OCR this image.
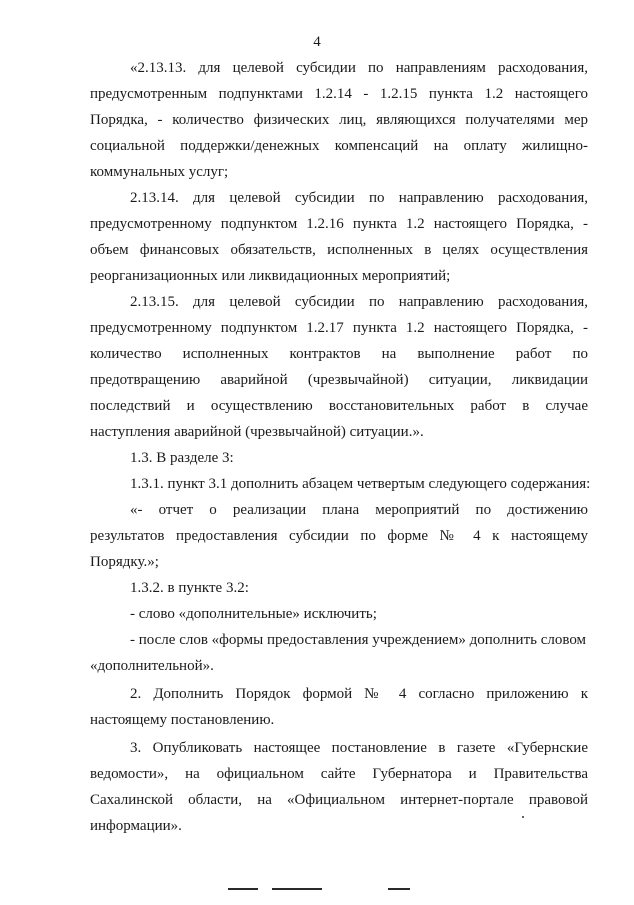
4
«2.13.13. для целевой субсидии по направлениям расходования,
предусмотренным подпунктами 1.2.14 - 1.2.15 пункта 1.2 настоящего
Порядка, - количество физических лиц, являющихся получателями мер
социальной поддержки/денежных компенсаций на оплату жилищно-
коммунальных услуг;
2.13.14. для целевой субсидии по направлению расходования,
предусмотренному подпунктом 1.2.16 пункта 1.2 настоящего Порядка, -
объем финансовых обязательств, исполненных в целях осуществления
реорганизационных или ликвидационных мероприятий;
2.13.15. для целевой субсидии по направлению расходования,
предусмотренному подпунктом 1.2.17 пункта 1.2 настоящего Порядка, -
количество исполненных контрактов на выполнение работ по
предотвращению аварийной (чрезвычайной) ситуации, ликвидации
последствий и осуществлению восстановительных работ в случае
наступления аварийной (чрезвычайной) ситуации.».
1.3. В разделе 3:
1.3.1. пункт 3.1 дополнить абзацем четвертым следующего содержания:
«- отчет о реализации плана мероприятий по достижению
результатов предоставления субсидии по форме № 4 к настоящему
Порядку.»;
1.3.2. в пункте 3.2:
- слово «дополнительные» исключить;
- после слов «формы предоставления учреждением» дополнить словом
«дополнительной».
2. Дополнить Порядок формой № 4 согласно приложению к
настоящему постановлению.
3. Опубликовать настоящее постановление в газете «Губернские
ведомости», на официальном сайте Губернатора и Правительства
Сахалинской области, на «Официальном интернет-портале правовой
информации».
